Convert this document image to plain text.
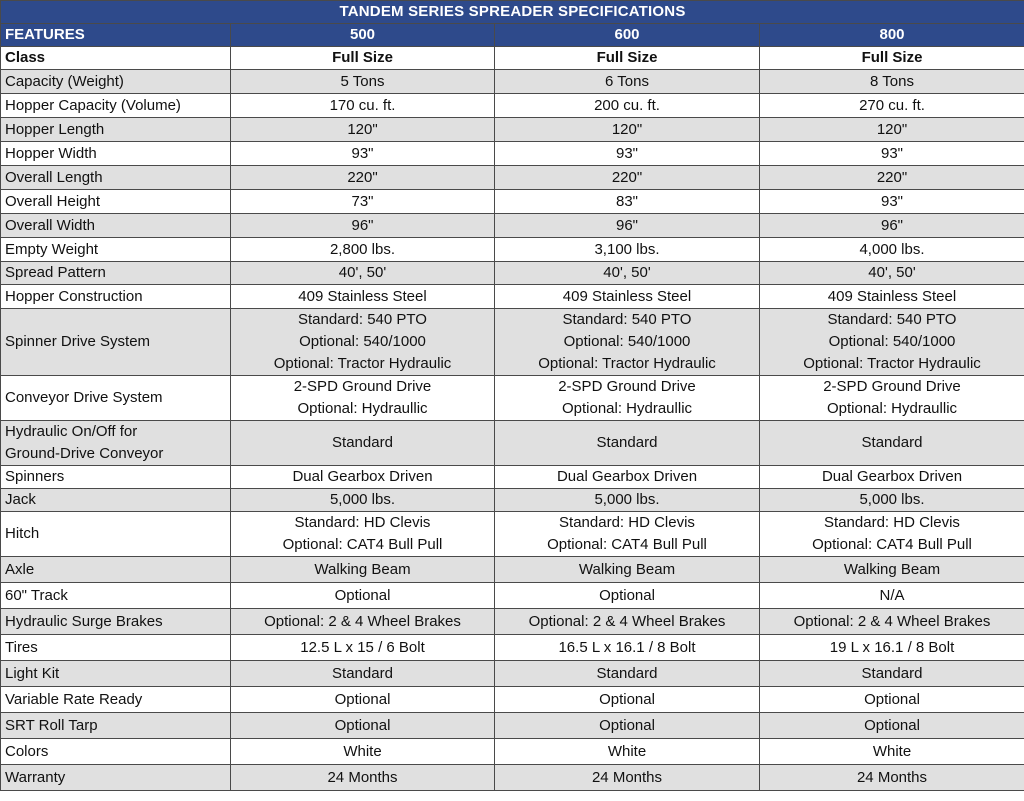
TANDEM SERIES SPREADER SPECIFICATIONS			
FEATURES	500	600	800
Class	Full Size	Full Size	Full Size

Capacity (Weight)	5 Tons	6 Tons	8 Tons

Hopper Capacity (Volume)	170 cu. ft.	200 cu. ft.	270 cu. ft.

Hopper Length	120"	120"	120"

Hopper Width	93"	93"	93"

Overall Length	220"	220"	220"

Overall Height	73"	83"	93"

Overall Width	96"	96"	96"

Empty Weight	2,800 lbs.	3,100 lbs.	4,000 lbs.

Spread Pattern	40', 50'	40', 50'	40', 50'

Hopper Construction	409 Stainless Steel	409 Stainless Steel	409 Stainless Steel

Spinner Drive System	Standard: 540 PTO
Optional: 540/1000
Optional: Tractor Hydraulic	Standard: 540 PTO
Optional: 540/1000
Optional: Tractor Hydraulic	Standard: 540 PTO
Optional: 540/1000
Optional: Tractor Hydraulic

Conveyor Drive System	2-SPD Ground Drive
Optional: Hydraullic	2-SPD Ground Drive
Optional: Hydraullic	2-SPD Ground Drive
Optional: Hydraullic

Hydraulic On/Off for
Ground-Drive Conveyor	Standard	Standard	Standard

Spinners	Dual Gearbox Driven	Dual Gearbox Driven	Dual Gearbox Driven

Jack	5,000 lbs.	5,000 lbs.	5,000 lbs.

Hitch	Standard: HD Clevis
Optional: CAT4 Bull Pull	Standard: HD Clevis
Optional: CAT4 Bull Pull	Standard: HD Clevis
Optional: CAT4 Bull Pull

Axle	Walking Beam	Walking Beam	Walking Beam

60" Track	Optional	Optional	N/A

Hydraulic Surge Brakes	Optional: 2 & 4 Wheel Brakes	Optional: 2 & 4 Wheel Brakes	Optional: 2 & 4 Wheel Brakes

Tires	12.5 L x 15 / 6 Bolt	16.5 L x 16.1 / 8 Bolt	19 L x 16.1 / 8 Bolt

Light Kit	Standard	Standard	Standard

Variable Rate Ready	Optional	Optional	Optional

SRT Roll Tarp	Optional	Optional	Optional

Colors	White	White	White

Warranty	24 Months	24 Months	24 Months
